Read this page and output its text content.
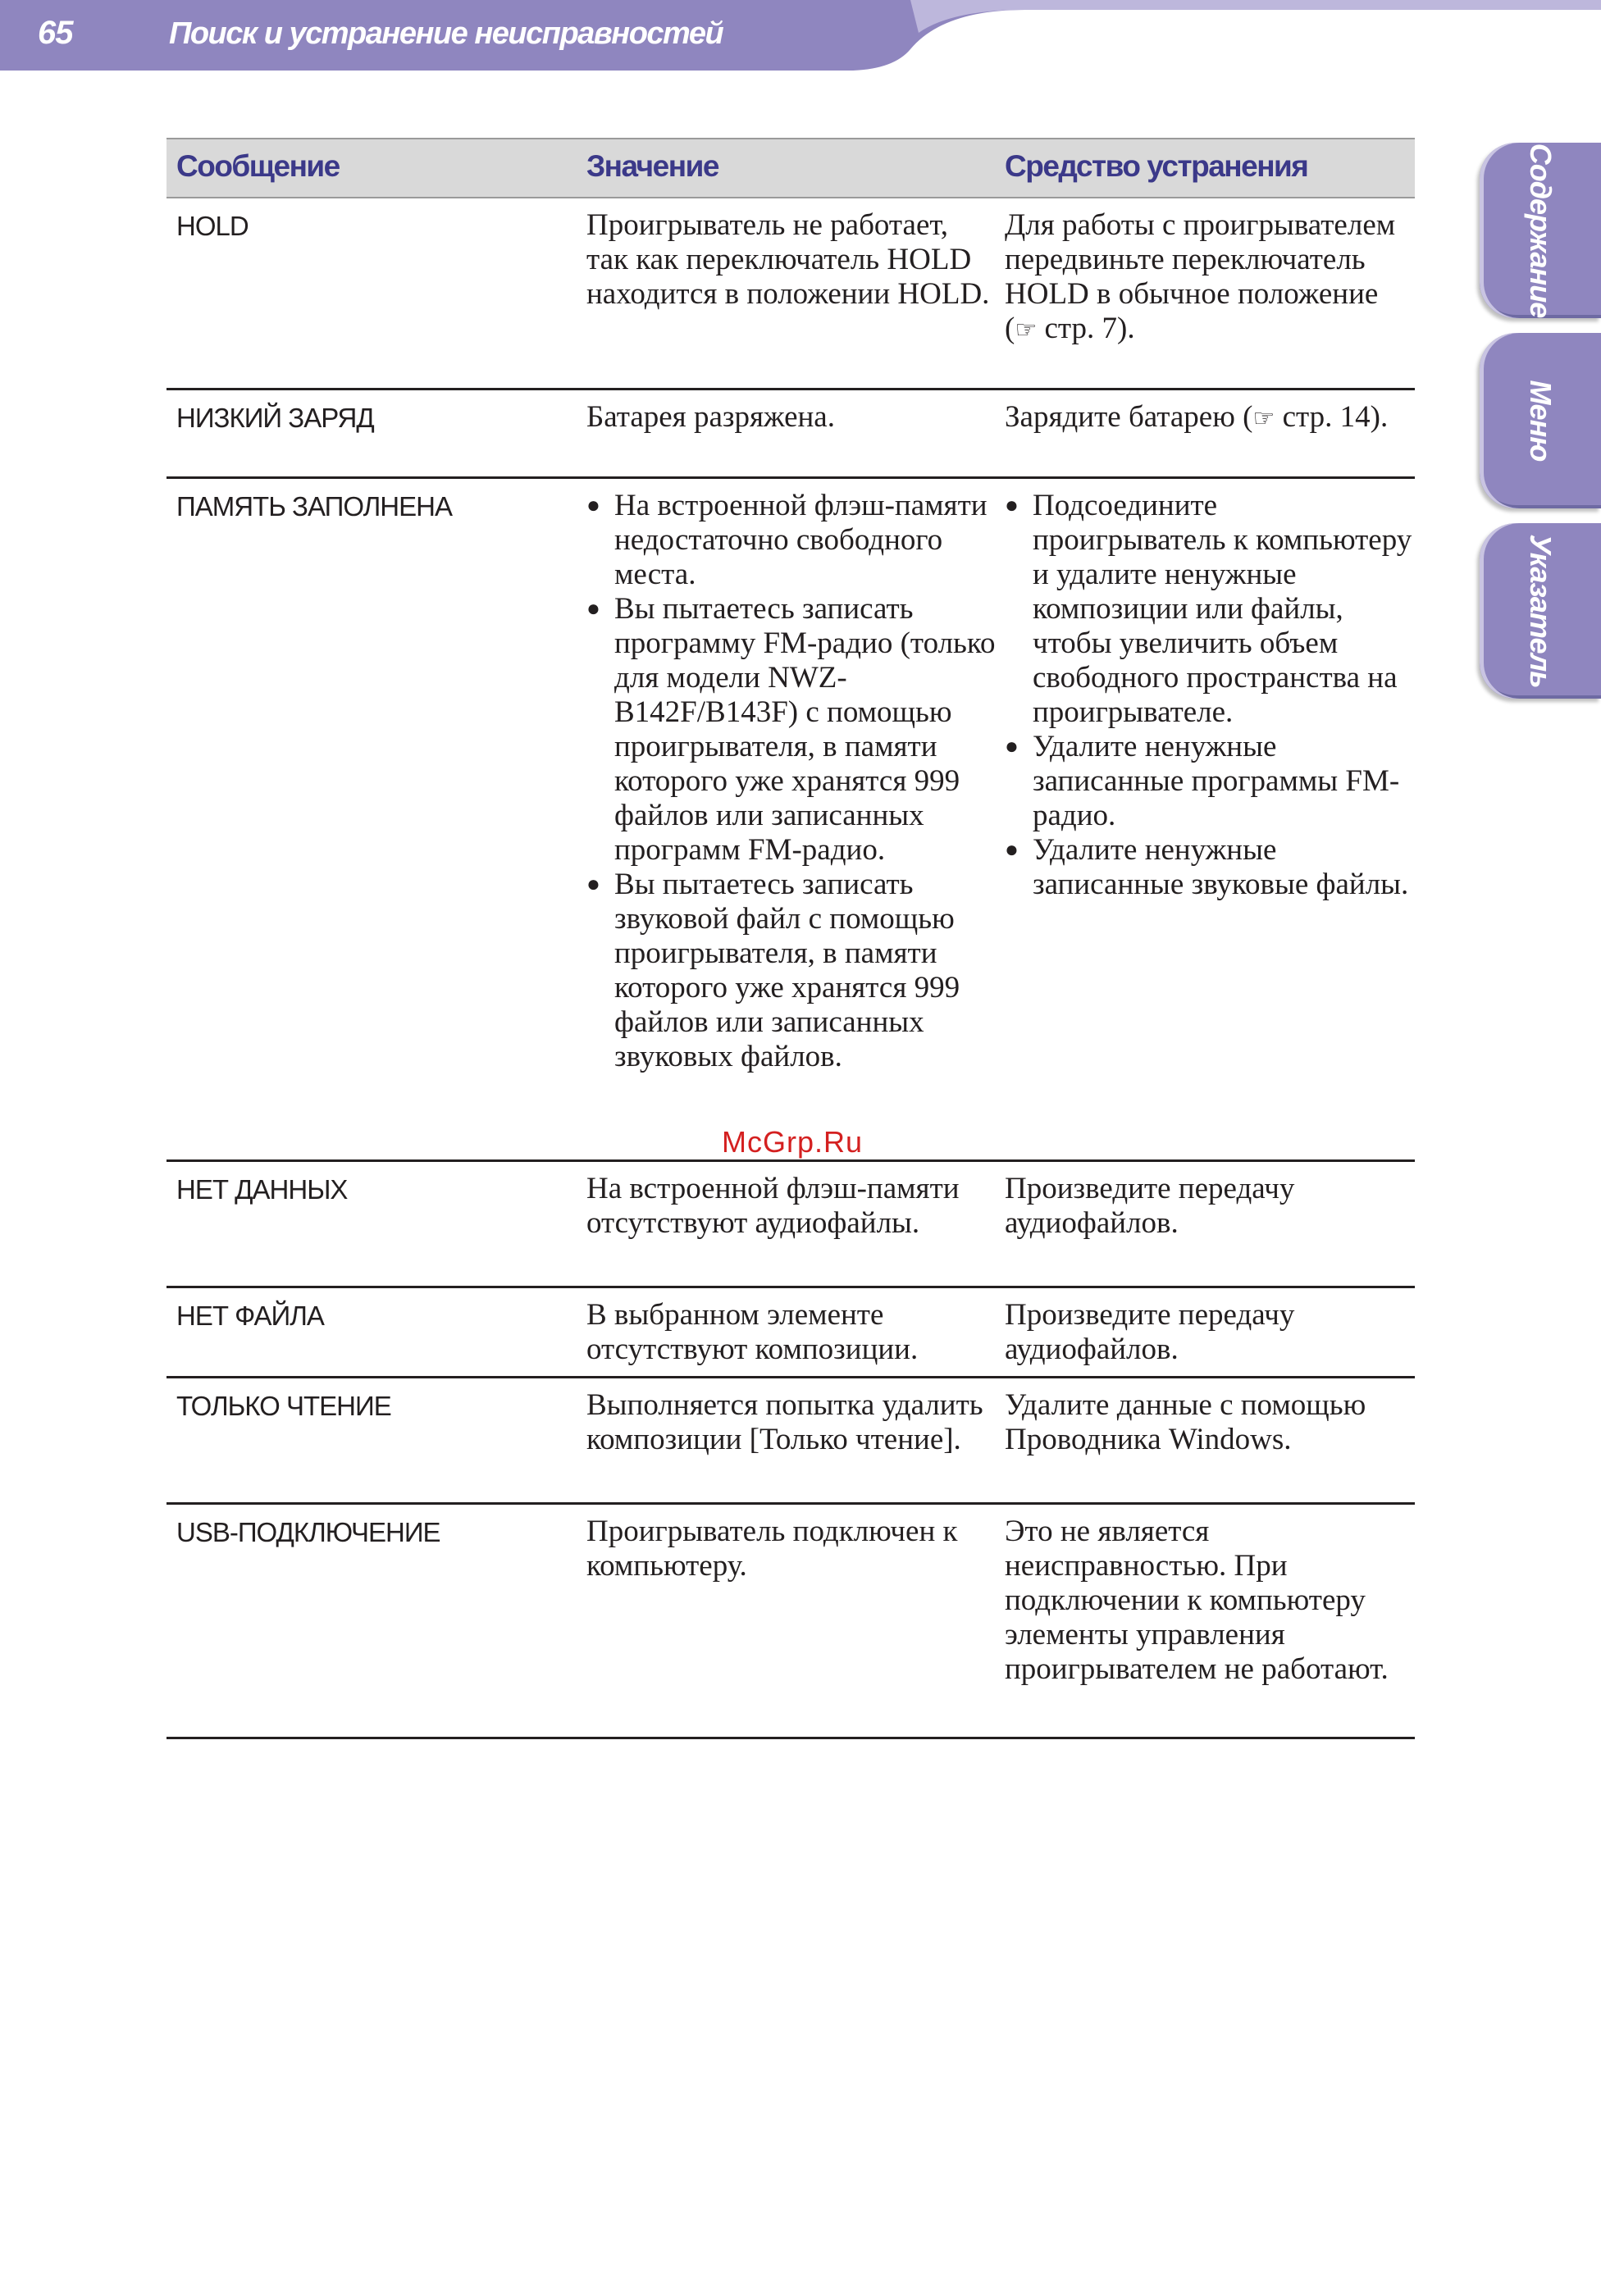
65	Поиск и устранение неисправностей
Содержание
Меню
Указатель
Сообщение	Значение	Средство устранения
HOLD	Проигрыватель не работает, так как переключатель HOLD находится в положении HOLD.
Для работы с проигрывателем передвиньте переключатель HOLD в обычное положение (☞ стр. 7).
НИЗКИЙ ЗАРЯД	Батарея разряжена.	Зарядите батарею (☞ стр. 14).
ПАМЯТЬ ЗАПОЛНЕНА
●	На встроенной флэш-памяти недостаточно свободного места.
● Вы пытаетесь записать программу FM-радио (только для модели NWZ-B142F/B143F) с помощью проигрывателя, в памяти которого уже хранятся 999 файлов или записанных программ FM-радио.
● Вы пытаетесь записать звуковой файл с помощью проигрывателя, в памяти которого уже хранятся 999 файлов или записанных звуковых файлов.
● Подсоедините проигрыватель к компьютеру и удалите ненужные композиции или файлы, чтобы увеличить объем свободного пространства на проигрывателе.
● Удалите ненужные записанные программы FM-радио.
● Удалите ненужные записанные звуковые файлы.
НЕТ ДАННЫХ	На встроенной флэш-памяти отсутствуют аудиофайлы.
Произведите передачу аудиофайлов.
НЕТ ФАЙЛА	В выбранном элементе отсутствуют композиции.
Произведите передачу аудиофайлов.
ТОЛЬКО ЧТЕНИЕ	Выполняется попытка удалить композиции [Только чтение].
Удалите данные с помощью Проводника Windows.
USB-ПОДКЛЮЧЕНИЕ	Проигрыватель подключен к компьютеру.
Это не является неисправностью. При подключении к компьютеру элементы управления проигрывателем не работают.
McGrp.Ru
